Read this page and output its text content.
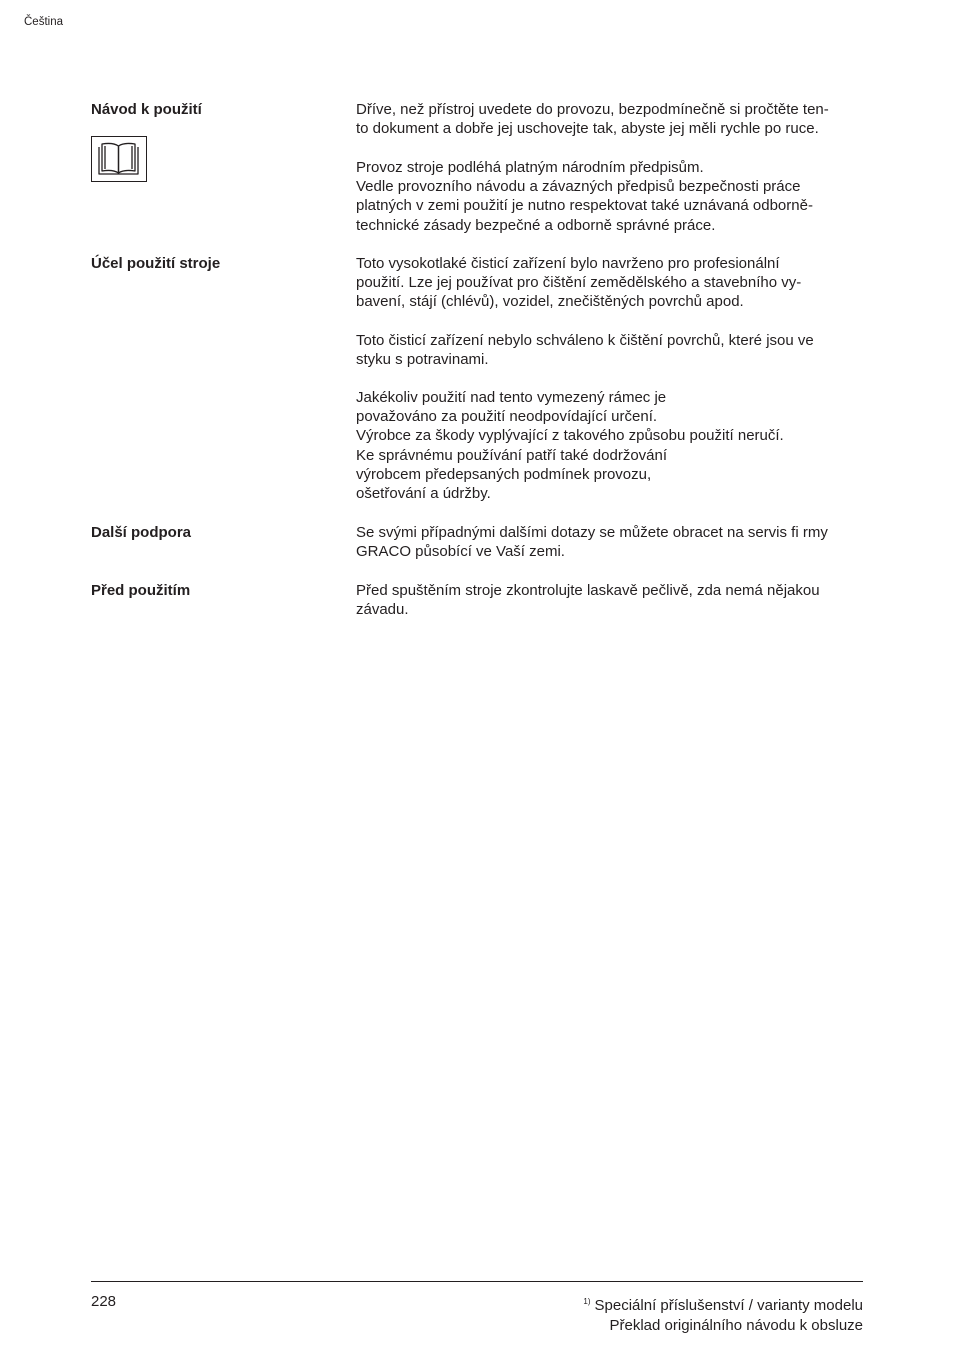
Čeština
Návod k použití	Dříve, než přístroj uvedete do provozu, bezpodmínečně si pročtěte ten-
to dokument a dobře jej uschovejte tak, abyste jej měli rychle po ruce.
Provoz stroje podléhá platným národním předpisům.
Vedle provozního návodu a závazných předpisů bezpečnosti práce
platných v zemi použití je nutno respektovat také uznávaná odborně-
technické zásady bezpečné a odborně správné práce.
Účel použití stroje	Toto vysokotlaké čisticí zařízení bylo navrženo pro profesionální
použití. Lze jej používat pro čištění zemědělského a stavebního vy-
bavení, stájí (chlévů), vozidel, znečištěných povrchů apod.
Toto čisticí zařízení nebylo schváleno k čištění povrchů, které jsou ve
styku s potravinami.
Jakékoliv použití nad tento vymezený rámec je
považováno za použití neodpovídající určení.
Výrobce za škody vyplývající z takového způsobu použití neručí.
Ke správnému používání patří také dodržování
výrobcem předepsaných podmínek provozu,
ošetřování a údržby.
Další podpora	Se svými případnými dalšími dotazy se můžete obracet na servis fi rmy
GRACO působící ve Vaší zemi.
Před použitím	Před spuštěním stroje zkontrolujte laskavě pečlivě, zda nemá nějakou
závadu.
228	$^{1)}$ Speciální příslušenství / varianty modelu
Překlad originálního návodu k obsluze
